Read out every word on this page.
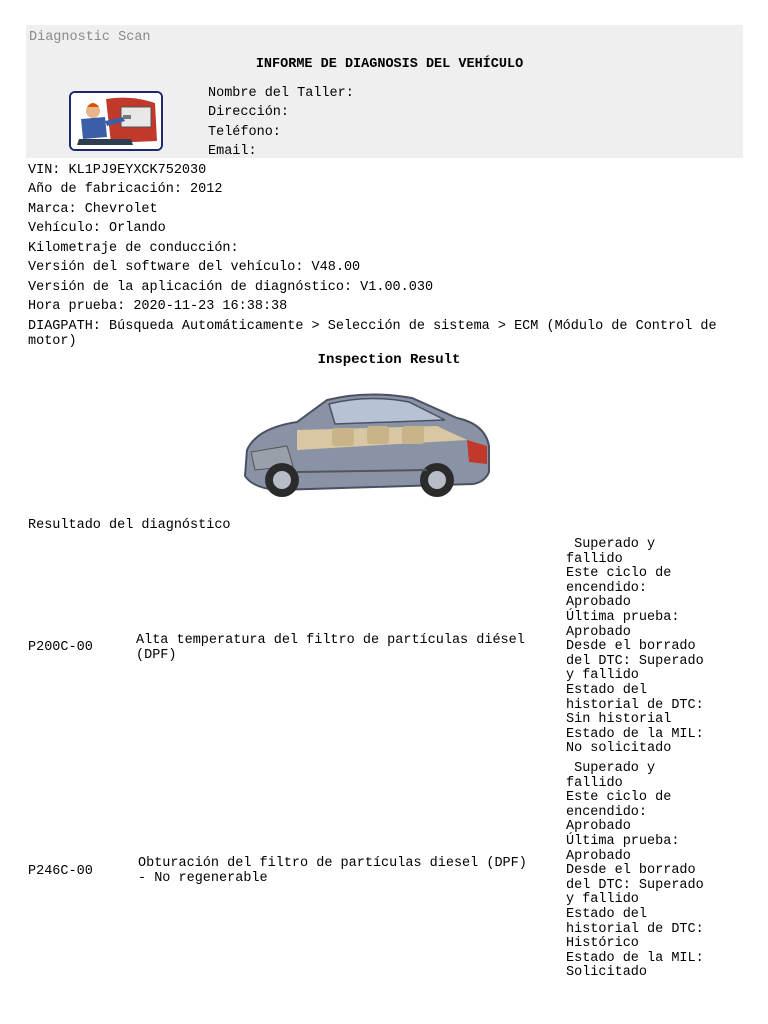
Diagnostic Scan
INFORME DE DIAGNOSIS DEL VEHÍCULO
Nombre del Taller:
Dirección:
Teléfono:
Email:
VIN: KL1PJ9EYXCK752030
Año de fabricación: 2012
Marca: Chevrolet
Vehículo: Orlando
Kilometraje de conducción:
Versión del software del vehículo: V48.00
Versión de la aplicación de diagnóstico: V1.00.030
Hora prueba: 2020-11-23 16:38:38
DIAGPATH: Búsqueda Automáticamente > Selección de sistema > ECM (Módulo de Control de motor)
Inspection Result
Resultado del diagnóstico
P200C-00	Alta temperatura del filtro de partículas diésel (DPF)
Superado y
fallido
Este ciclo de
encendido:
Aprobado
Última prueba:
Aprobado
Desde el borrado
del DTC: Superado
y fallido
Estado del
historial de DTC:
Sin historial
Estado de la MIL:
No solicitado
P246C-00
Obturación del filtro de partículas diesel (DPF) - No regenerable
Superado y
fallido
Este ciclo de
encendido:
Aprobado
Última prueba:
Aprobado
Desde el borrado
del DTC: Superado
y fallido
Estado del
historial de DTC:
Histórico
Estado de la MIL:
Solicitado
